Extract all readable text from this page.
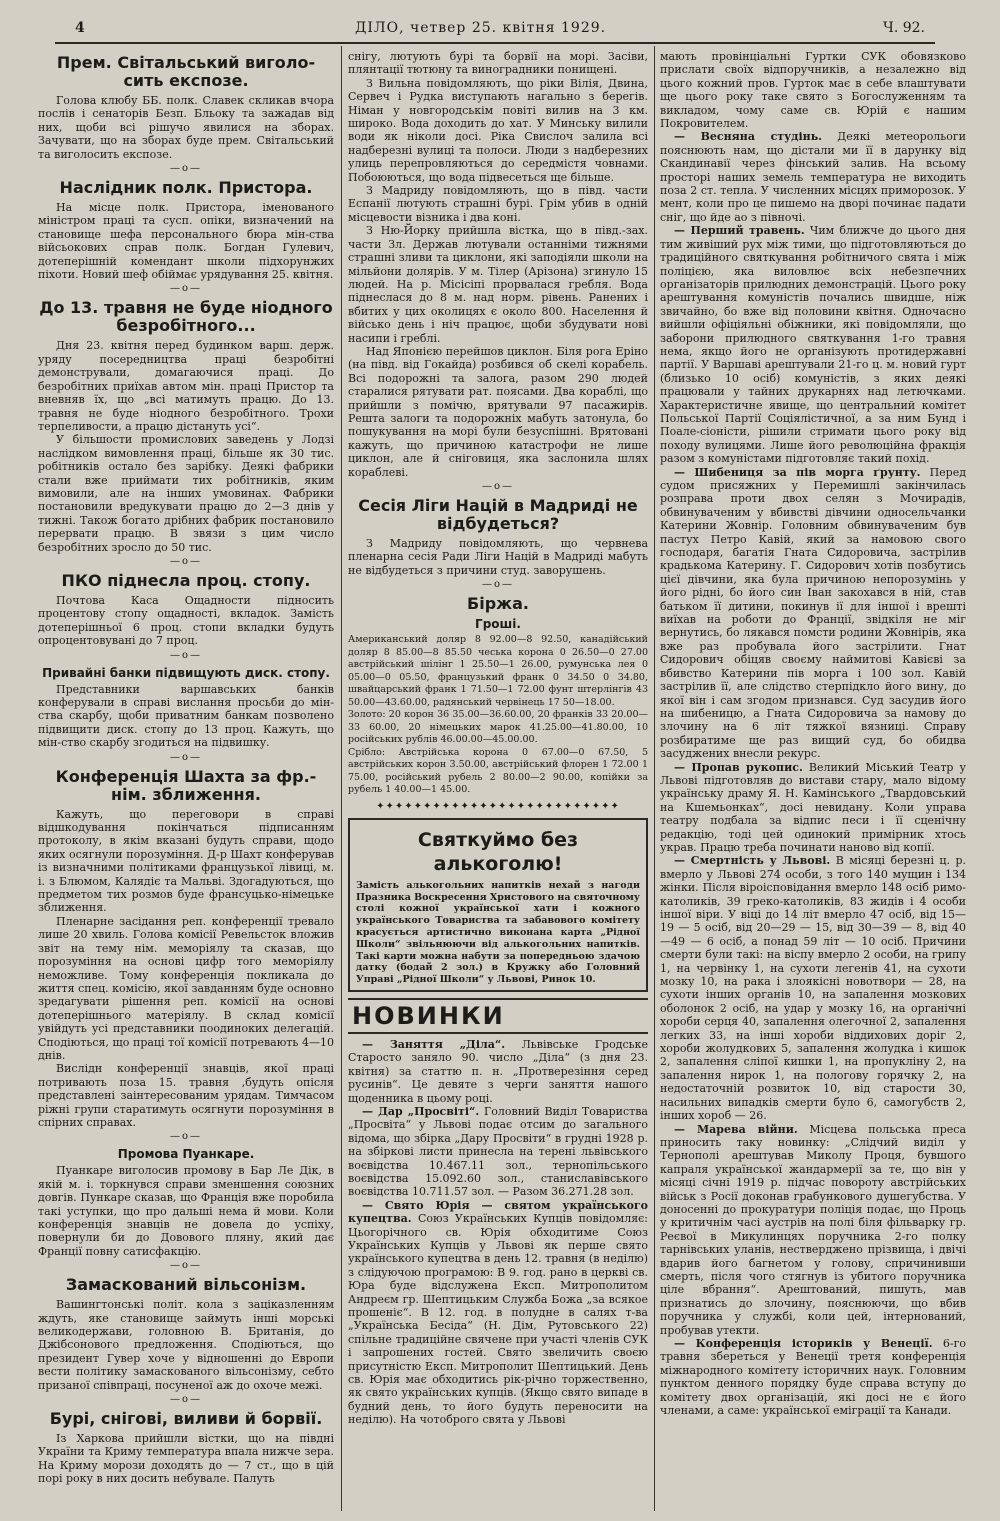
4	ДІЛО, четвер 25. квітня 1929.	Ч. 92.
Прем. Світальський виголо-сить експозе.

Голова клюбу ББ. полк. Славек скликав вчора послів і сенаторів Безп. Бльоку та зажадав від них, щоби всі рішучо явилися на зборах. Зачувати, що на зборах буде прем. Світальський та виголосить експозе.

—o—
Наслідник полк. Пристора.

На місце полк. Пристора, іменованого міністром праці та сусп. опіки, визначений на становище шефа персонального бюра мін-ства війсьокових справ полк. Богдан Гулевич, дотеперішній комендант школи підхорунжих піхоти. Новий шеф обіймає урядування 25. квітня.

—o—
До 13. травня не буде ніодного безробітного...

Дня 23. квітня перед будинком варш. держ. уряду посередництва праці безробітні демонстрували, домагаючися праці. До безробітних приїхав автом мін. праці Пристор та вневняв їх, що „всі матимуть працю. До 13. травня не буде ніодного безробітного. Трохи терпеливости, а працю дістануть усі“.

У більшости промислових заведень у Лодзі наслідком вимовлення праці, більше як 30 тис. робітників остало без зарібку. Деякі фабрики стали вже приймати тих робітників, яким вимовили, але на інших умовинах. Фабрики постановили вредукувати працю до 2—3 днів у тижні. Також богато дрібних фабрик постановило перервати працю. В звязи з цим число безробітних зросло до 50 тис.

—o—
ПКО піднесла проц. стопу.

Почтова Каса Ощадности підносить процентову стопу ощадності, вкладок. Замість дотеперішньої 6 проц. стопи вкладки будуть опроцентовувані до 7 проц.

—o—
Привайні банки підвищують диск. стопу.

Представники варшавських банків конферували в справі вислання просьби до мін-ства скарбу, щоби приватним банкам позволено підвищити диск. стопу до 13 проц. Кажуть, що мін-ство скарбу згодиться на підвишку.

—o—
Конференція Шахта за фр.-нім. зближення.

Кажуть, що переговори в справі відшкодування покінчаться підписанням протоколу, в якім вказані будуть справи, щодо яких осягнули порозуміння. Д-р Шахт конферував із визначними політиками французької лівиці, м. і. з Блюмом, Калядіє та Мальві. Здогадуються, що предметом тих розмов буде франсуцько-німецьке зближення.

Пленарне засідання реп. конференції тревало лише 20 хвиль. Голова комісії Ревельсток вложив звіт на тему нім. меморіялу та сказав, що порозуміння на основі цифр того меморіялу неможливе. Тому конференція покликала до життя спец. комісію, якої завданням буде основно зредагувати рішення реп. комісії на основі дотеперішнього матеріялу. В склад комісії увійдуть усі представники поодиноких делегацій. Сподіються, що праці тої комісії потревають 4—10 днів.

Вислідн конференції знавців, якої праці потривають поза 15. травня ,будуть опісля представлені заінтересованим урядам. Тимчасом ріжні групи старатимуть осягнути порозуміння в спірних справах.

—o—
Промова Пуанкаре.

Пуанкаре виголосив промову в Бар Ле Дік, в якій м. і. торкнувся справи зменшення союзних довгів. Пункаре сказав, що Франція вже поробила такі уступки, що про дальші нема й мови. Коли конференція знавців не довела до успіху, повернули би до Довового пляну, який дає Франції повну сатисфакцію.

—o—
Замаскований вільсонізм.

Вашингтонські політ. кола з заціказленням ждуть, яке становище займуть інші морські великодержави, головною В. Британія, до Джібсонового предложення. Сподіються, що президент Гувер хоче у відношенні до Европи вести політику замаскованого вільсонізму, себто призаної співпраці, посуненої аж до охоче межі.

—o—
Бурі, снігові, виливи й борвії.

Із Харкова прийшли вістки, що на півдні України та Криму температура впала нижче зера. На Криму морози доходять до — 7 ст., що в цій порі року в них досить небувале. Палуть

снігу, лютують бурі та борвії на морі. Засіви, плянтації тютюну та виноградники понищені.

З Вильна повідомляють, що ріки Вілія, Двина, Сервеч і Рудка виступають нагально з берегів. Німан у новгородськім повіті вилив на 3 км. широко. Вода доходить до хат. У Минську вилили води як ніколи досі. Ріка Свислоч залила всі надберезні вулиці та полоси. Люди з надберезних улиць перепровляються до середмістя човнами. Побоюються, що вода підвесеться ще більше.

З Мадриду повідомляють, що в півд. части Еспанії лютують страшні бурі. Грім убив в одній місцевости візника і два коні.

З Ню-Йорку прийшла вістка, що в півд.-зах. части Зл. Держав лютували останніми тижнями страшні зливи та циклони, які заподіяли школи на мільйони долярів. У м. Тілер (Арізона) згинуло 15 людей. На р. Місісіпі прорвалася гребля. Вода піднеслася до 8 м. над норм. рівень. Ранених і вбитих у цих околицях є около 800. Населення й військо день і ніч працює, щоби збудувати нові насипи і греблі.

Над Японією перейшов циклон. Біля рога Еріно (на півд. від Гокайда) розбився об скелі корабель. Всі подорожні та залога, разом 290 людей старалися рятувати рат. поясами. Два кораблі, що прийшли з помічю, врятували 97 пасажирів. Решта залоги та подорожніх мабуть затонула, бо пошукування на морі були безуспішні. Врятовані кажуть, що причиною катастрофи не лише циклон, але й сніговиця, яка заслонила шлях кораблеві.

—o—
Сесія Ліги Націй в Мадриді не відбудеться?

З Мадриду повідомляють, що червнева пленарна сесія Ради Ліги Націй в Мадриді мабуть не відбудеться з причини студ. заворушень.

—o—
Біржа.
Гроші.

Американський доляр 8 92.00—8 92.50, канадійський доляр 8 85.00—8 85.50 чеська корона 0 26.50—0 27.00 австрійський шілінг 1 25.50—1 26.00, румунська лея 0 05.00—0 05.50, французький франк 0 34.50 0 34.80, швайцарський франк 1 71.50—1 72.00 фунт штерлінгів 43 50.00—43.60.00, радянський червінець 17 50—18.00.

Золото: 20 корон 36 35.00—36.60.00, 20 франків 33 20.00—33 60.00, 20 німецьких марок 41.25.00—41.80.00, 10 російських рублів 46.00.00—45.00.00.

Срібло: Австрійська корона 0 67.00—0 67.50, 5 австрійських корон 3.50.00, австрійський флорен 1 72.00 1 75.00, російський рубель 2 80.00—2 90.00, копійки за рубель 1 40.00—1 45.00.

✦✦✦✦✦✦✦✦✦✦✦✦✦✦✦✦✦✦✦✦✦✦✦✦✦✦
Святкуймо без алькоголю!

Замість алькогольних напитків нехай з нагоди Празника Воскресення Христового на святочному столі кожної української хати і кожного українського Товариства та забавового комітету красується артистично виконана карта „Рідної Школи“ звільнюючи від алькогольних напитків. Такі карти можна набути за попередньою здачою датку (бодай 2 зол.) в Кружку або Головний Управі „Рідної Школи“ у Львові, Ринок 10.

НОВИНКИ

— Заняття „Діла“. Львівське Гродське Старосто заняло 90. число „Діла“ (з дня 23. квітня) за статтю п. н. „Протверезіння серед русинів“. Це девяте з черги заняття нашого щоденника в цьому році.

— Дар „Просвіті“. Головний Виділ Товариства „Просвіта“ у Львові подає отсим до загального відома, що збірка „Дару Просвіти“ в грудні 1928 р. на збіркові листи принесла на терені львівського воєвідства 10.467.11 зол., тернопільського воєвідства 15.092.60 зол., станиславівського воєвідства 10.711.57 зол. — Разом 36.271.28 зол.

— Свято Юрія — святом українського купецтва. Союз Українських Купців повідомляє: Цьогорічного св. Юрія обходитиме Союз Українських Купців у Львові як перше свято українського купецтва в день 12. травня (в неділю) з слідуючою програмою: В 9. год. рано в церкві св. Юра буде відслужена Експ. Митрополитом Андреєм гр. Шептицьким Служба Божа „за всякое прошеніє“. В 12. год. в полудне в салях т-ва „Українська Бесіда“ (Н. Дім, Рутовського 22) спільне традиційне свячене при участі членів СУК і запрошених гостей. Свято звеличить своєю присутністю Експ. Митрополит Шептицький. День св. Юрія має обходитись рік-річно торжественно, як свято українських купців. (Якщо свято випаде в будний день, то його будуть переносити на неділю). На чотоброго свята у Львові

мають провінціальні Гуртки СУК обовязково прислати своїх відпоручників, а незалежно від цього кожний пров. Гурток має в себе влаштувати ще цього року таке свято з Богослуженням та викладом, чому саме св. Юрій є нашим Покровителем.

— Весняна студінь. Деякі метеорольоги пояснюють нам, що дістали ми її в дарунку від Скандинавії через фінський залив. На всьому просторі наших земель температура не виходить поза 2 ст. тепла. У численних місцях приморозок. У мент, коли про це пишемо на дворі починає падати сніг, що йде ао з півночі.

— Перший травень. Чим ближче до цього дня тим живіший рух між тими, що підготовляються до традиційного святкування робітничого свята і між поліцією, яка виловлює всіх небезпечних організаторів прилюдних демонстрацій. Цього року арештування комуністів почались швидше, ніж звичайно, бо вже від половини квітня. Одночасно вийшли офіціяльні обіжники, які повідомляли, що заборони прилюдного святкування 1-го травня нема, якщо його не організують протидержавні партії. У Варшаві арештували 21-го ц. м. новий гурт (близько 10 осіб) комуністів, з яких деякі працювали у тайних друкарнях над летючками. Характеристичне явище, що центральний комітет Польської Партії Соціялістичної, а за ним Бунд і Поале-сіоністи, рішили стримати цього року від походу вулицями. Лише його революційна фракція разом з комуністами підготовляє такий похід.

— Шибениця за пів морга ґрунту. Перед судом присяжних у Перемишлі закінчилась розправа проти двох селян з Мочирадів, обвинуваченим у вбивстві дівчини односельчанки Катерини Жовнір. Головним обвинуваченим був пастух Петро Кавій, який за намовою свого господаря, багатія Гната Сидоровича, застрілив крадькома Катерину. Г. Сидорович хотів позбутись цієї дівчини, яка була причиною непорозумінь у його рідні, бо його син Іван закохався в ній, став батьком її дитини, покинув ії для іншої і врешті виїхав на роботи до Франції, звідкіля не міг вернутись, бо лякався помсти родини Жовнірів, яка вже раз пробувала його застрілити. Гнат Сидорович обіцяв своєму наймитові Кавієві за вбивство Катерини пів морга і 100 зол. Кавій застрілив її, але слідство стерпідкло його вину, до якої він і сам згодом признався. Суд засудив його на шибеницю, а Гната Сидоровича за намову до злочину на 6 літ тяжкої вязниці. Справу розбиратиме ще раз вищий суд, бо обидва засуджених внесли рекурс.

— Пропав рукопис. Великий Міський Театр у Львові підготовляв до вистави стару, мало відому українську драму Я. Н. Камінського „Твардовський на Кшемьонках“, досі невидану. Коли управа театру подбала за відпис песи і її сценічну редакцію, тоді цей одинокий примірник хтось украв. Працю треба починати наново від копії.

— Смертність у Львові. В місяці березні ц. р. вмерло у Львові 274 особи, з того 140 мущин і 134 жінки. Після віроісповідання вмерло 148 осіб римо-католиків, 39 греко-католиків, 83 жидів і 4 особи іншої віри. У віці до 14 літ вмерло 47 осіб, від 15—19 — 5 осіб, від 20—29 — 15, від 30—39 — 8, від 40—49 — 6 осіб, а понад 59 літ — 10 осіб. Причини смерти були такі: на віспу вмерло 2 особи, на грипу 1, на червінку 1, на сухоти легенів 41, на сухоти мозку 10, на рака і злоякісні новотвори — 28, на сухоти інших органів 10, на запалення мозкових оболонок 2 осіб, на удар у мозку 16, на органічні хороби серця 40, запалення олегочної 2, запалення легких 33, на інші хороби віддихових доріг 2, хороби жолудкових 5, запалення жолудка і кишок 2, запалення сліпої кишки 1, на пропукліну 2, на запалення нирок 1, на пологову горячку 2, на недостаточній розвиток 10, від старости 30, насильних випадків смерти було 6, самогубств 2, інших хороб — 26.

— Марева війни. Місцева польська преса приносить таку новинку: „Слідчий виділ у Тернополі арештував Миколу Проця, бувшого капраля української жандармерії за те, що він у місяці січні 1919 р. підчас повороту австрійських військ з Росії доконав грабункового душегубства. У доносенні до прокуратури поліція подає, що Проць у критичнім часі аустрів на полі біля фільварку гр. Реєвої в Микулинцях поручника 2-го полку тарнівських уланів, нестверджено прізвища, і двічі вдарив його багнетом у голову, спричинивши смерть, після чого стягнув із убитого поручника цілe вбрання“. Арештований, пишуть, мав признатись до злочину, пояснюючи, що вбив поручника у службі, коли цей, інтернований, пробував утекти.

— Конференція істориків у Венеції. 6-го травня збереться у Венеції третя конференція міжнародного комітету історичних наук. Головним пунктом денного порядку буде справа вступу до комітету двох організацій, які досі не є його членами, а саме: української еміграції та Канади.
